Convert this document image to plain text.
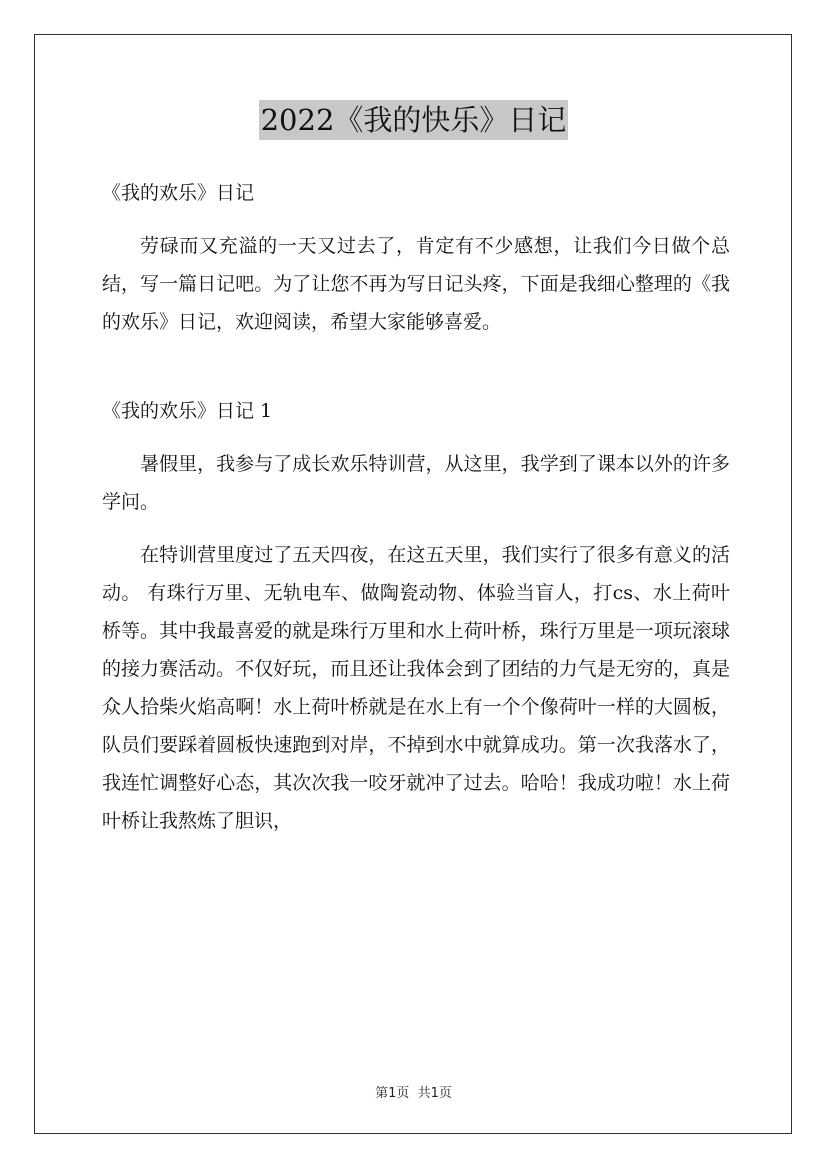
2022《我的快乐》日记

《我的欢乐》日记

劳碌而又充溢的一天又过去了，肯定有不少感想，让我们今日做个总结，写一篇日记吧。为了让您不再为写日记头疼，下面是我细心整理的《我的欢乐》日记，欢迎阅读，希望大家能够喜爱。

《我的欢乐》日记 1

暑假里，我参与了成长欢乐特训营，从这里，我学到了课本以外的许多学问。

在特训营里度过了五天四夜，在这五天里，我们实行了很多有意义的活动。 有珠行万里、无轨电车、做陶瓷动物、体验当盲人，打cs、水上荷叶桥等。其中我最喜爱的就是珠行万里和水上荷叶桥，珠行万里是一项玩滚球的接力赛活动。不仅好玩，而且还让我体会到了团结的力气是无穷的，真是众人拾柴火焰高啊！水上荷叶桥就是在水上有一个个像荷叶一样的大圆板，队员们要踩着圆板快速跑到对岸，不掉到水中就算成功。第一次我落水了，我连忙调整好心态，其次次我一咬牙就冲了过去。哈哈！我成功啦！水上荷叶桥让我熬炼了胆识，

第1页 共1页
